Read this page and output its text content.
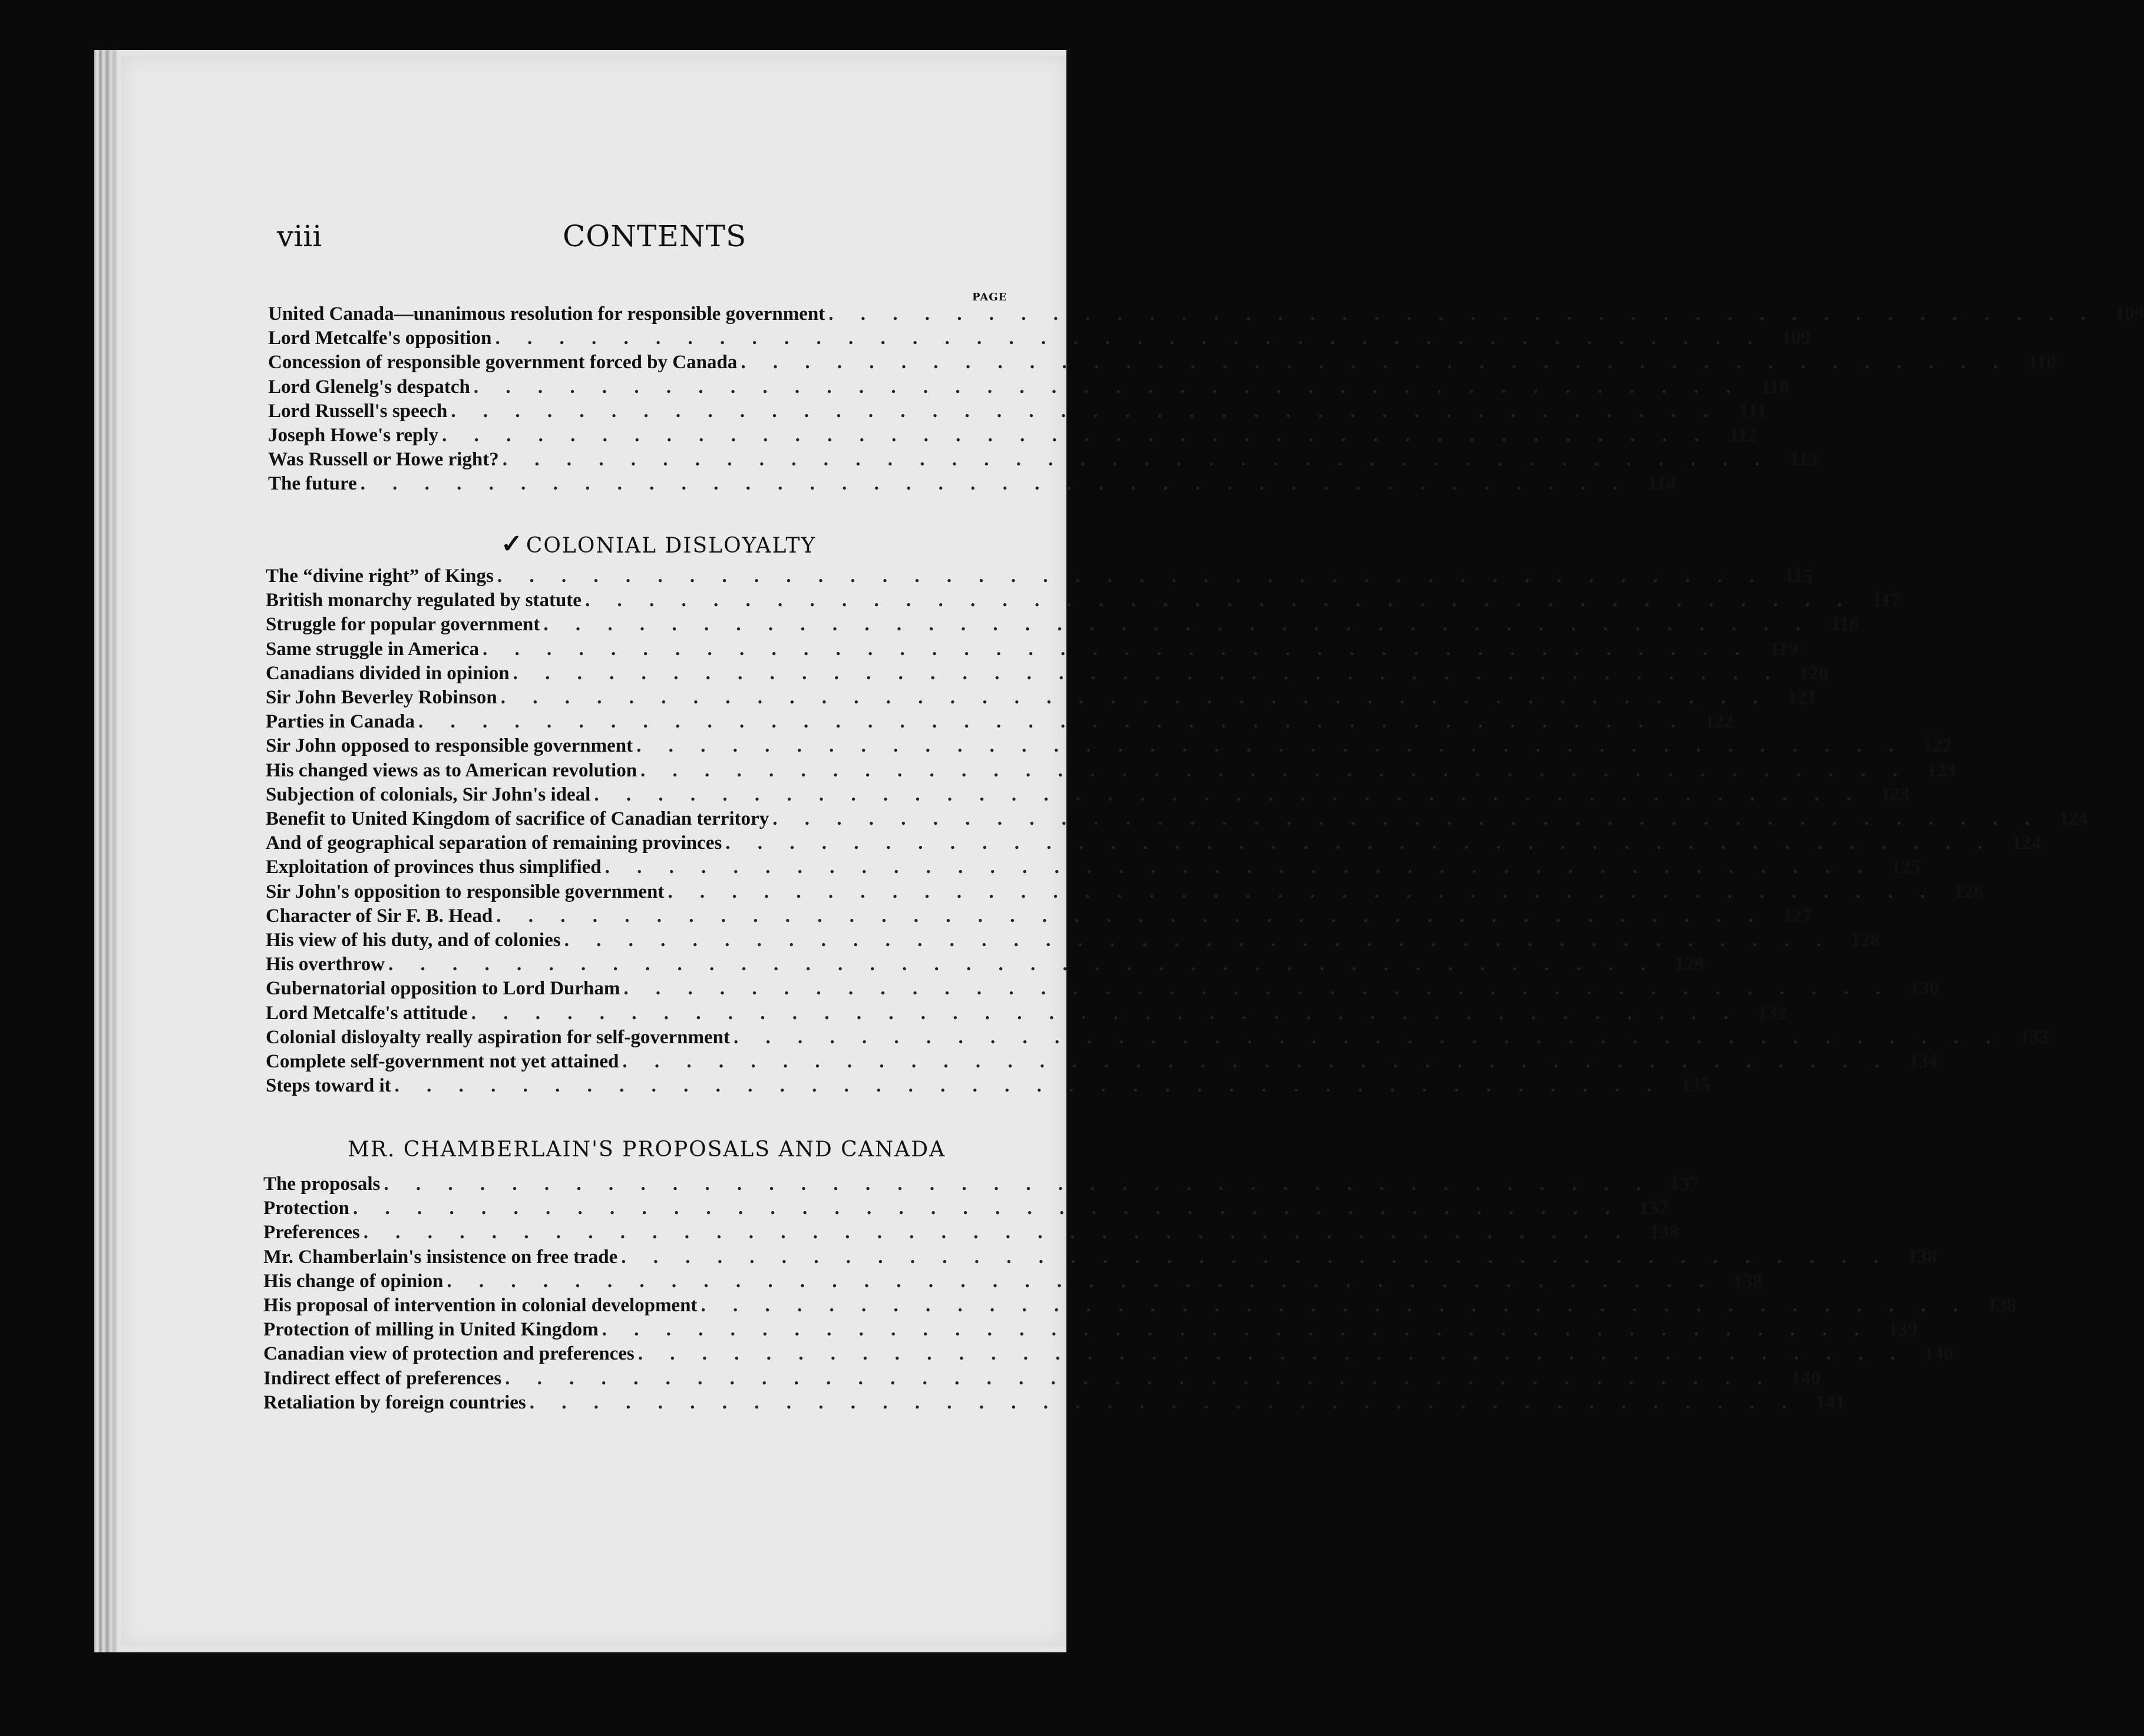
viii	CONTENTS
PAGE
United Canada—unanimous resolution for responsible government . . . . . . . . . . . . . . . . . . . . . . . . . . . . . . . . . . . . . . . . 109
Lord Metcalfe's opposition . . . . . . . . . . . . . . . . . . . . . . . . . . . . . . . . . . . . . . . . 109
Concession of responsible government forced by Canada . . . . . . . . . . . . . . . . . . . . . . . . . . . . . . . . . . . . . . . . 110
Lord Glenelg's despatch . . . . . . . . . . . . . . . . . . . . . . . . . . . . . . . . . . . . . . . . 110
Lord Russell's speech . . . . . . . . . . . . . . . . . . . . . . . . . . . . . . . . . . . . . . . .	111
Joseph Howe's reply . . . . . . . . . . . . . . . . . . . . . . . . . . . . . . . . . . . . . . . . 112
Was Russell or Howe right? . . . . . . . . . . . . . . . . . . . . . . . . . . . . . . . . . . . . . . . . 113
The future . . . . . . . . . . . . . . . . . . . . . . . . . . . . . . . . . . . . . . . . 114
✓ COLONIAL DISLOYALTY
The “divine right” of Kings . . . . . . . . . . . . . . . . . . . . . . . . . . . . . . . . . . . . . . . . 115
British monarchy regulated by statute . . . . . . . . . . . . . . . . . . . . . . . . . . . . . . . . . . . . . . . . 117
Struggle for popular government . . . . . . . . . . . . . . . . . . . . . . . . . . . . . . . . . . . . . . . . 118
Same struggle in America . . . . . . . . . . . . . . . . . . . . . . . . . . . . . . . . . . . . . . . . 119
Canadians divided in opinion . . . . . . . . . . . . . . . . . . . . . . . . . . . . . . . . . . . . . . . . 120
Sir John Beverley Robinson . . . . . . . . . . . . . . . . . . . . . . . . . . . . . . . . . . . . . . . . 121
Parties in Canada . . . . . . . . . . . . . . . . . . . . . . . . . . . . . . . . . . . . . . . . 122
Sir John opposed to responsible government . . . . . . . . . . . . . . . . . . . . . . . . . . . . . . . . . . . . . . . . 122
His changed views as to American revolution . . . . . . . . . . . . . . . . . . . . . . . . . . . . . . . . . . . . . . . . 123
Subjection of colonials, Sir John's ideal . . . . . . . . . . . . . . . . . . . . . . . . . . . . . . . . . . . . . . . . 123
Benefit to United Kingdom of sacrifice of Canadian territory . . . . . . . . . . . . . . . . . . . . . . . . . . . . . . . . . . . . . . . . 124
And of geographical separation of remaining provinces . . . . . . . . . . . . . . . . . . . . . . . . . . . . . . . . . . . . . . . . 124
Exploitation of provinces thus simplified . . . . . . . . . . . . . . . . . . . . . . . . . . . . . . . . . . . . . . . . 125
Sir John's opposition to responsible government . . . . . . . . . . . . . . . . . . . . . . . . . . . . . . . . . . . . . . . . 126
Character of Sir F. B. Head . . . . . . . . . . . . . . . . . . . . . . . . . . . . . . . . . . . . . . . . 127
His view of his duty, and of colonies . . . . . . . . . . . . . . . . . . . . . . . . . . . . . . . . . . . . . . . . 128
His overthrow . . . . . . . . . . . . . . . . . . . . . . . . . . . . . . . . . . . . . . . . 129
Gubernatorial opposition to Lord Durham . . . . . . . . . . . . . . . . . . . . . . . . . . . . . . . . . . . . . . . . 130
Lord Metcalfe's attitude . . . . . . . . . . . . . . . . . . . . . . . . . . . . . . . . . . . . . . . . 132
Colonial disloyalty really aspiration for self-government . . . . . . . . . . . . . . . . . . . . . . . . . . . . . . . . . . . . . . . . 133
Complete self-government not yet attained . . . . . . . . . . . . . . . . . . . . . . . . . . . . . . . . . . . . . . . . 134
Steps toward it . . . . . . . . . . . . . . . . . . . . . . . . . . . . . . . . . . . . . . . . 135
MR. CHAMBERLAIN'S PROPOSALS AND CANADA
The proposals . . . . . . . . . . . . . . . . . . . . . . . . . . . . . . . . . . . . . . . . 137
Protection . . . . . . . . . . . . . . . . . . . . . . . . . . . . . . . . . . . . . . . . 137
Preferences . . . . . . . . . . . . . . . . . . . . . . . . . . . . . . . . . . . . . . . . 138
Mr. Chamberlain's insistence on free trade . . . . . . . . . . . . . . . . . . . . . . . . . . . . . . . . . . . . . . . . 138
His change of opinion . . . . . . . . . . . . . . . . . . . . . . . . . . . . . . . . . . . . . . . . 138
His proposal of intervention in colonial development . . . . . . . . . . . . . . . . . . . . . . . . . . . . . . . . . . . . . . . . 138
Protection of milling in United Kingdom . . . . . . . . . . . . . . . . . . . . . . . . . . . . . . . . . . . . . . . . 139
Canadian view of protection and preferences . . . . . . . . . . . . . . . . . . . . . . . . . . . . . . . . . . . . . . . . 140
Indirect effect of preferences . . . . . . . . . . . . . . . . . . . . . . . . . . . . . . . . . . . . . . . . 140
Retaliation by foreign countries . . . . . . . . . . . . . . . . . . . . . . . . . . . . . . . . . . . . . . . . 141
